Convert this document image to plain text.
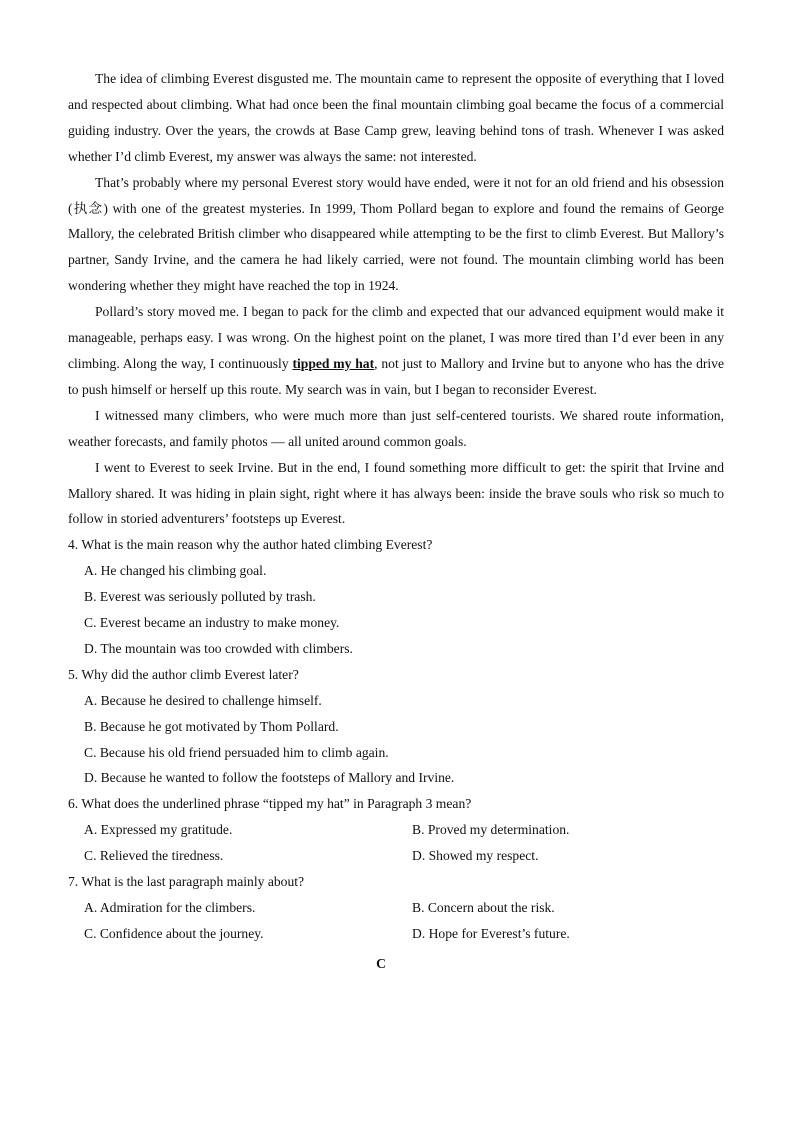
The idea of climbing Everest disgusted me. The mountain came to represent the opposite of everything that I loved and respected about climbing. What had once been the final mountain climbing goal became the focus of a commercial guiding industry. Over the years, the crowds at Base Camp grew, leaving behind tons of trash. Whenever I was asked whether I’d climb Everest, my answer was always the same: not interested.

That’s probably where my personal Everest story would have ended, were it not for an old friend and his obsession (执念) with one of the greatest mysteries. In 1999, Thom Pollard began to explore and found the remains of George Mallory, the celebrated British climber who disappeared while attempting to be the first to climb Everest. But Mallory’s partner, Sandy Irvine, and the camera he had likely carried, were not found. The mountain climbing world has been wondering whether they might have reached the top in 1924.

Pollard’s story moved me. I began to pack for the climb and expected that our advanced equipment would make it manageable, perhaps easy. I was wrong. On the highest point on the planet, I was more tired than I’d ever been in any climbing. Along the way, I continuously tipped my hat, not just to Mallory and Irvine but to anyone who has the drive to push himself or herself up this route. My search was in vain, but I began to reconsider Everest.

I witnessed many climbers, who were much more than just self-centered tourists. We shared route information, weather forecasts, and family photos — all united around common goals.

I went to Everest to seek Irvine. But in the end, I found something more difficult to get: the spirit that Irvine and Mallory shared. It was hiding in plain sight, right where it has always been: inside the brave souls who risk so much to follow in storied adventurers’ footsteps up Everest.

4. What is the main reason why the author hated climbing Everest?

A. He changed his climbing goal.

B. Everest was seriously polluted by trash.

C. Everest became an industry to make money.

D. The mountain was too crowded with climbers.

5. Why did the author climb Everest later?

A. Because he desired to challenge himself.

B. Because he got motivated by Thom Pollard.

C. Because his old friend persuaded him to climb again.

D. Because he wanted to follow the footsteps of Mallory and Irvine.

6. What does the underlined phrase “tipped my hat” in Paragraph 3 mean?

A. Expressed my gratitude.	B. Proved my determination.

C. Relieved the tiredness.	D. Showed my respect.

7. What is the last paragraph mainly about?

A. Admiration for the climbers.	B. Concern about the risk.

C. Confidence about the journey.	D. Hope for Everest’s future.

C
